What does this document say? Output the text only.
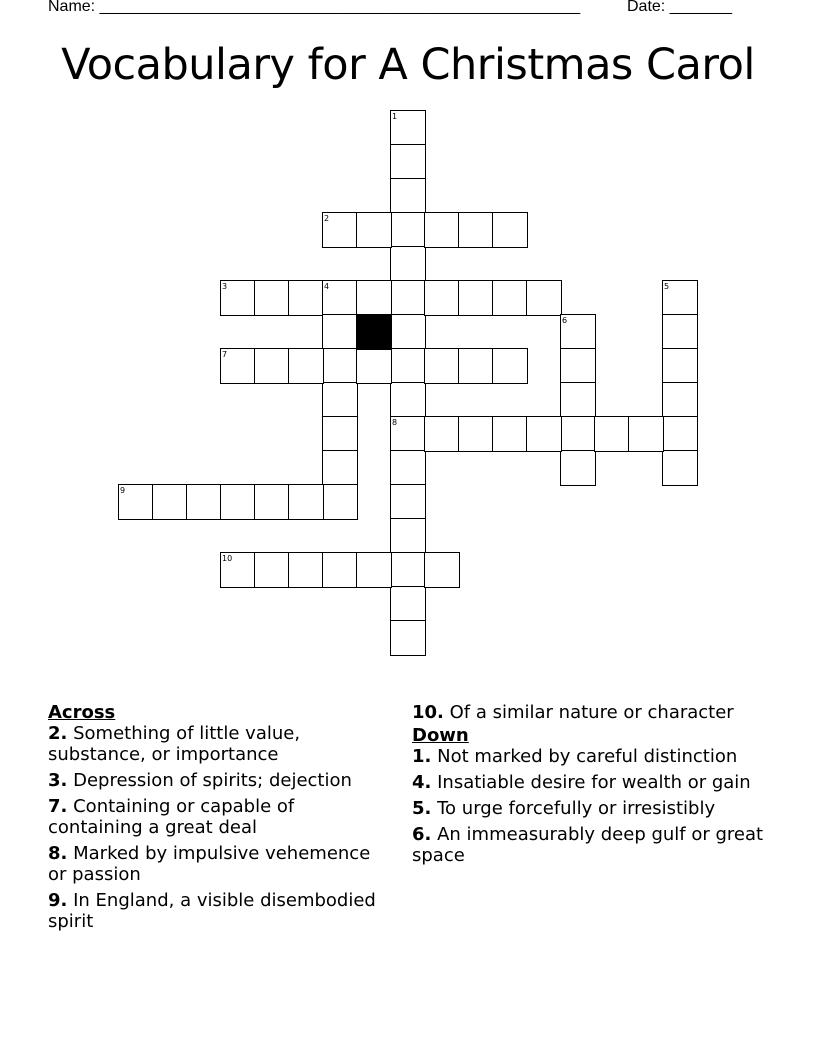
Name: ______________________________________________________	Date: _______
Vocabulary for A Christmas Carol
1
8
2
3	4	5
6
7
9
10
Across
2. Something of little value, substance, or importance
3. Depression of spirits; dejection
7. Containing or capable of containing a great deal
8. Marked by impulsive vehemence or passion
9. In England, a visible disembodied spirit
10. Of a similar nature or character
Down
1. Not marked by careful distinction
4. Insatiable desire for wealth or gain
5. To urge forcefully or irresistibly
6. An immeasurably deep gulf or great space
